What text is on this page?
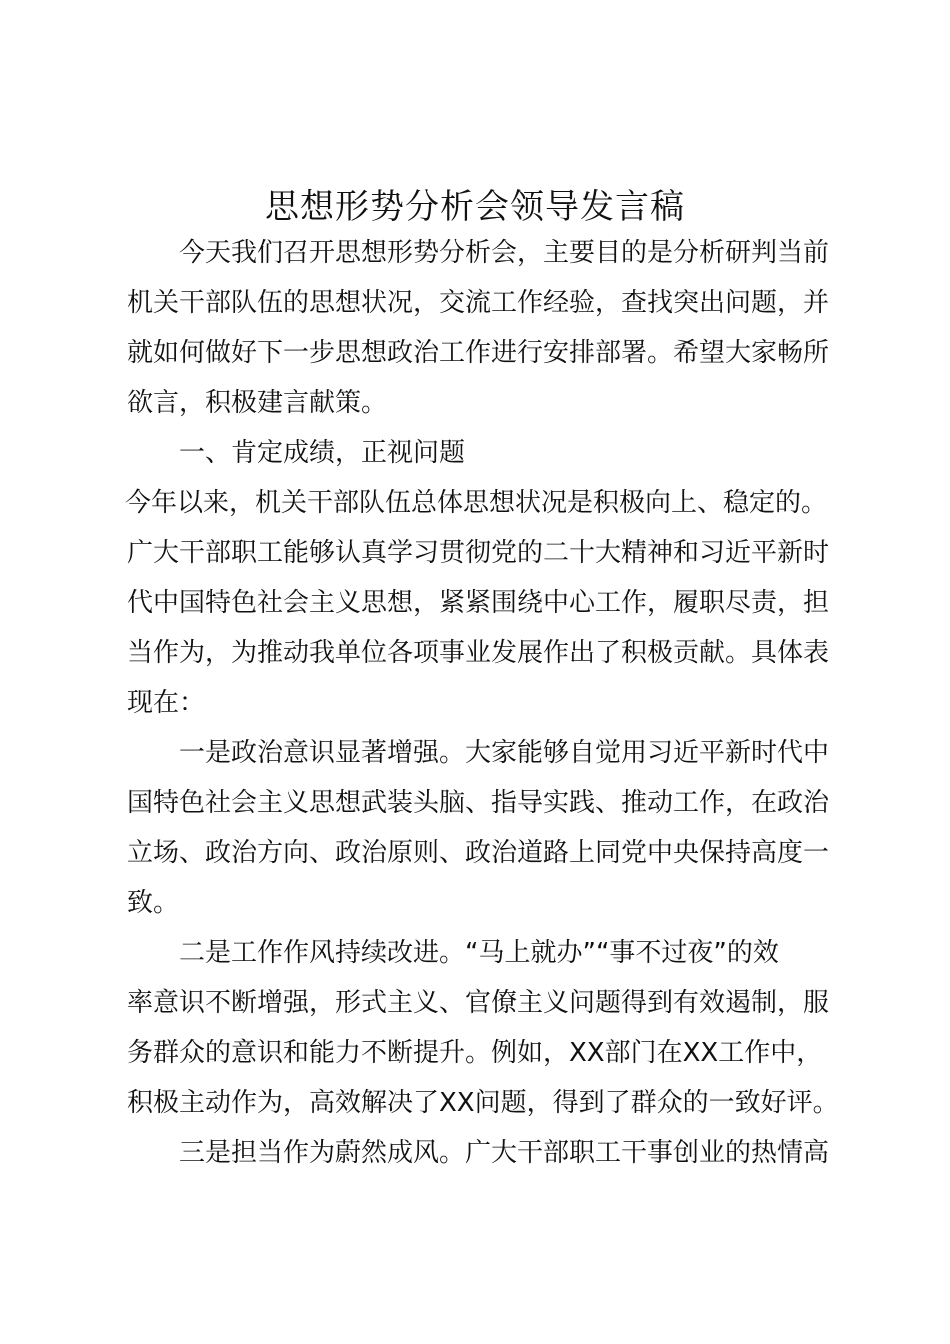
思想形势分析会领导发言稿
今天我们召开思想形势分析会，主要目的是分析研判当前
机关干部队伍的思想状况，交流工作经验，查找突出问题，并
就如何做好下一步思想政治工作进行安排部署。希望大家畅所
欲言，积极建言献策。
一、肯定成绩，正视问题
今年以来，机关干部队伍总体思想状况是积极向上、稳定的。
广大干部职工能够认真学习贯彻党的二十大精神和习近平新时
代中国特色社会主义思想，紧紧围绕中心工作，履职尽责，担
当作为，为推动我单位各项事业发展作出了积极贡献。具体表
现在：
一是政治意识显著增强。大家能够自觉用习近平新时代中
国特色社会主义思想武装头脑、指导实践、推动工作，在政治
立场、政治方向、政治原则、政治道路上同党中央保持高度一
致。
二是工作作风持续改进。“马上就办”“事不过夜”的效
率意识不断增强，形式主义、官僚主义问题得到有效遏制，服
务群众的意识和能力不断提升。例如，XX部门在XX工作中，
积极主动作为，高效解决了XX问题，得到了群众的一致好评。
三是担当作为蔚然成风。广大干部职工干事创业的热情高
